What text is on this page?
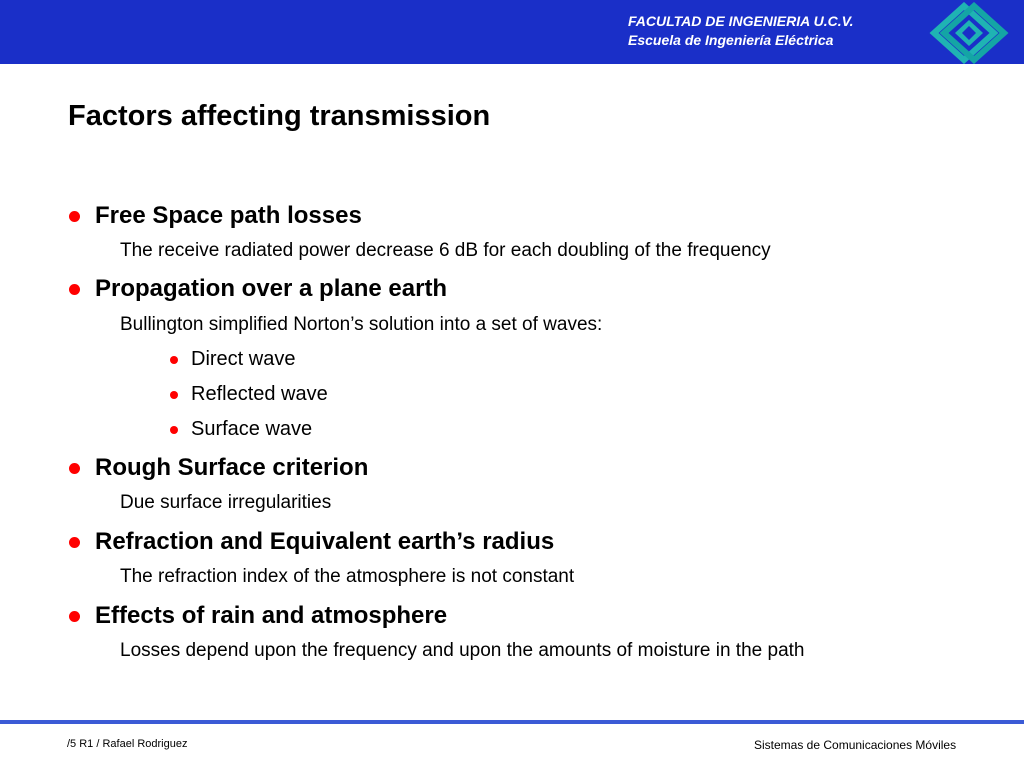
FACULTAD DE INGENIERIA U.C.V.
Escuela de Ingeniería Eléctrica
Factors affecting transmission
Free Space path losses
The receive radiated power decrease 6 dB for each doubling of the frequency
Propagation over a plane earth
Bullington simplified Norton’s solution into a set of waves:
Direct wave
Reflected wave
Surface wave
Rough Surface criterion
Due surface irregularities
Refraction and Equivalent earth’s radius
The refraction index of the atmosphere is not constant
Effects of rain and atmosphere
Losses depend upon the frequency and upon the amounts of moisture in the path
/5 R1 / Rafael Rodriguez	Sistemas de Comunicaciones Móviles
